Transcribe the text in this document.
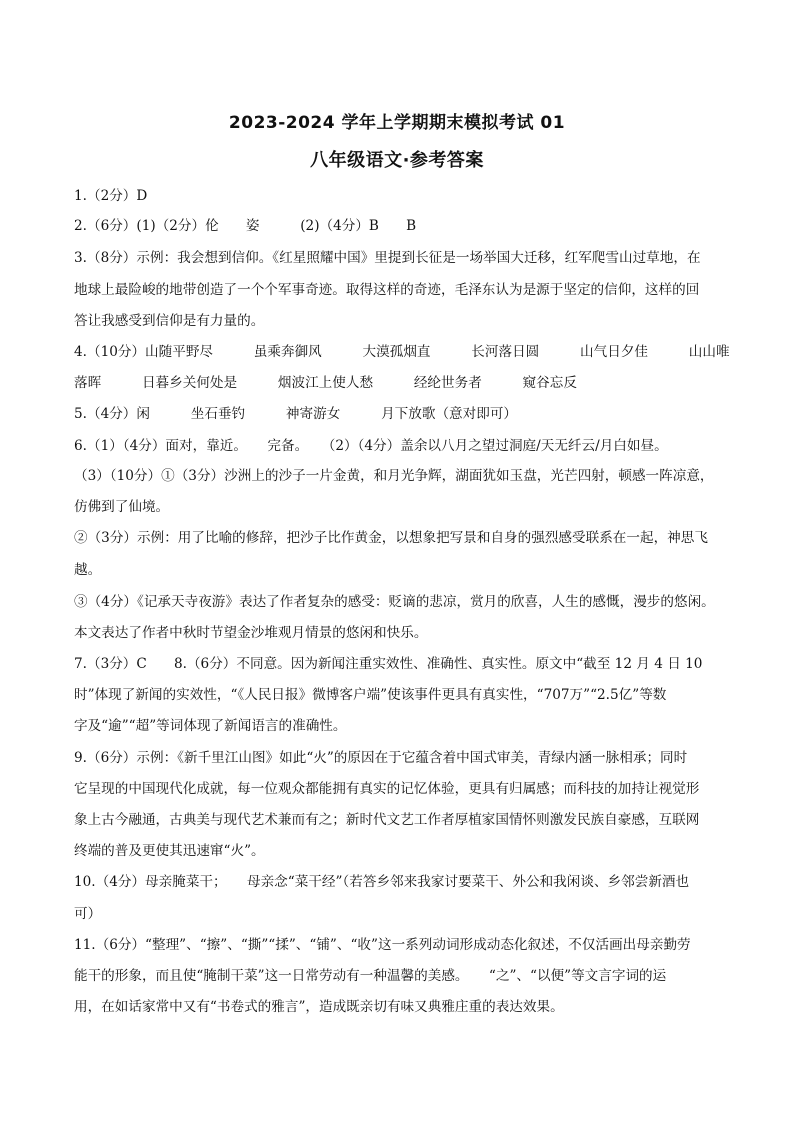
2023-2024 学年上学期期末模拟考试 01
八年级语文·参考答案
1.（2分）D
2.（6分）(1)（2分）伦　　姿　　　(2)（4分）B　　B
3.（8分）示例：我会想到信仰。《红星照耀中国》里提到长征是一场举国大迁移，红军爬雪山过草地，在
地球上最险峻的地带创造了一个个军事奇迹。取得这样的奇迹，毛泽东认为是源于坚定的信仰，这样的回
答让我感受到信仰是有力量的。
4.（10分）山随平野尽　　　虽乘奔御风　　　大漠孤烟直　　　长河落日圆　　　山气日夕佳　　　山山唯
落晖　　　日暮乡关何处是　　　烟波江上使人愁　　　经纶世务者　　　窥谷忘反
5.（4分）闲　　　坐石垂钓　　　神寄游女　　　月下放歌（意对即可）
6.（1）（4分）面对，靠近。　　完备。　　（2）（4分）盖余以八月之望过洞庭/天无纤云/月白如昼。
（3）（10分）①（3分）沙洲上的沙子一片金黄，和月光争辉，湖面犹如玉盘，光芒四射，顿感一阵凉意，
仿佛到了仙境。
②（3分）示例：用了比喻的修辞，把沙子比作黄金，以想象把写景和自身的强烈感受联系在一起，神思飞
越。
③（4分）《记承天寺夜游》表达了作者复杂的感受：贬谪的悲凉，赏月的欣喜，人生的感慨，漫步的悠闲。
本文表达了作者中秋时节望金沙堆观月情景的悠闲和快乐。
7.（3分）C　　8.（6分）不同意。因为新闻注重实效性、准确性、真实性。原文中“截至 12 月 4 日 10
时”体现了新闻的实效性，“《人民日报》微博客户端”使该事件更具有真实性，“707万”“2.5亿”等数
字及“逾”“超”等词体现了新闻语言的准确性。
9.（6分）示例：《新千里江山图》如此“火”的原因在于它蕴含着中国式审美，青绿内涵一脉相承；同时
它呈现的中国现代化成就，每一位观众都能拥有真实的记忆体验，更具有归属感；而科技的加持让视觉形
象上古今融通，古典美与现代艺术兼而有之；新时代文艺工作者厚植家国情怀则激发民族自豪感，互联网
终端的普及更使其迅速窜“火”。
10.（4分）母亲腌菜干；　　母亲念“菜干经”（若答乡邻来我家讨要菜干、外公和我闲谈、乡邻尝新酒也
可）
11.（6分）“整理”、“擦”、“撕”“揉”、“铺”、“收”这一系列动词形成动态化叙述，不仅活画出母亲勤劳
能干的形象，而且使“腌制干菜”这一日常劳动有一种温馨的美感。　　“之”、“以便”等文言字词的运
用，在如话家常中又有“书卷式的雅言”，造成既亲切有味又典雅庄重的表达效果。
